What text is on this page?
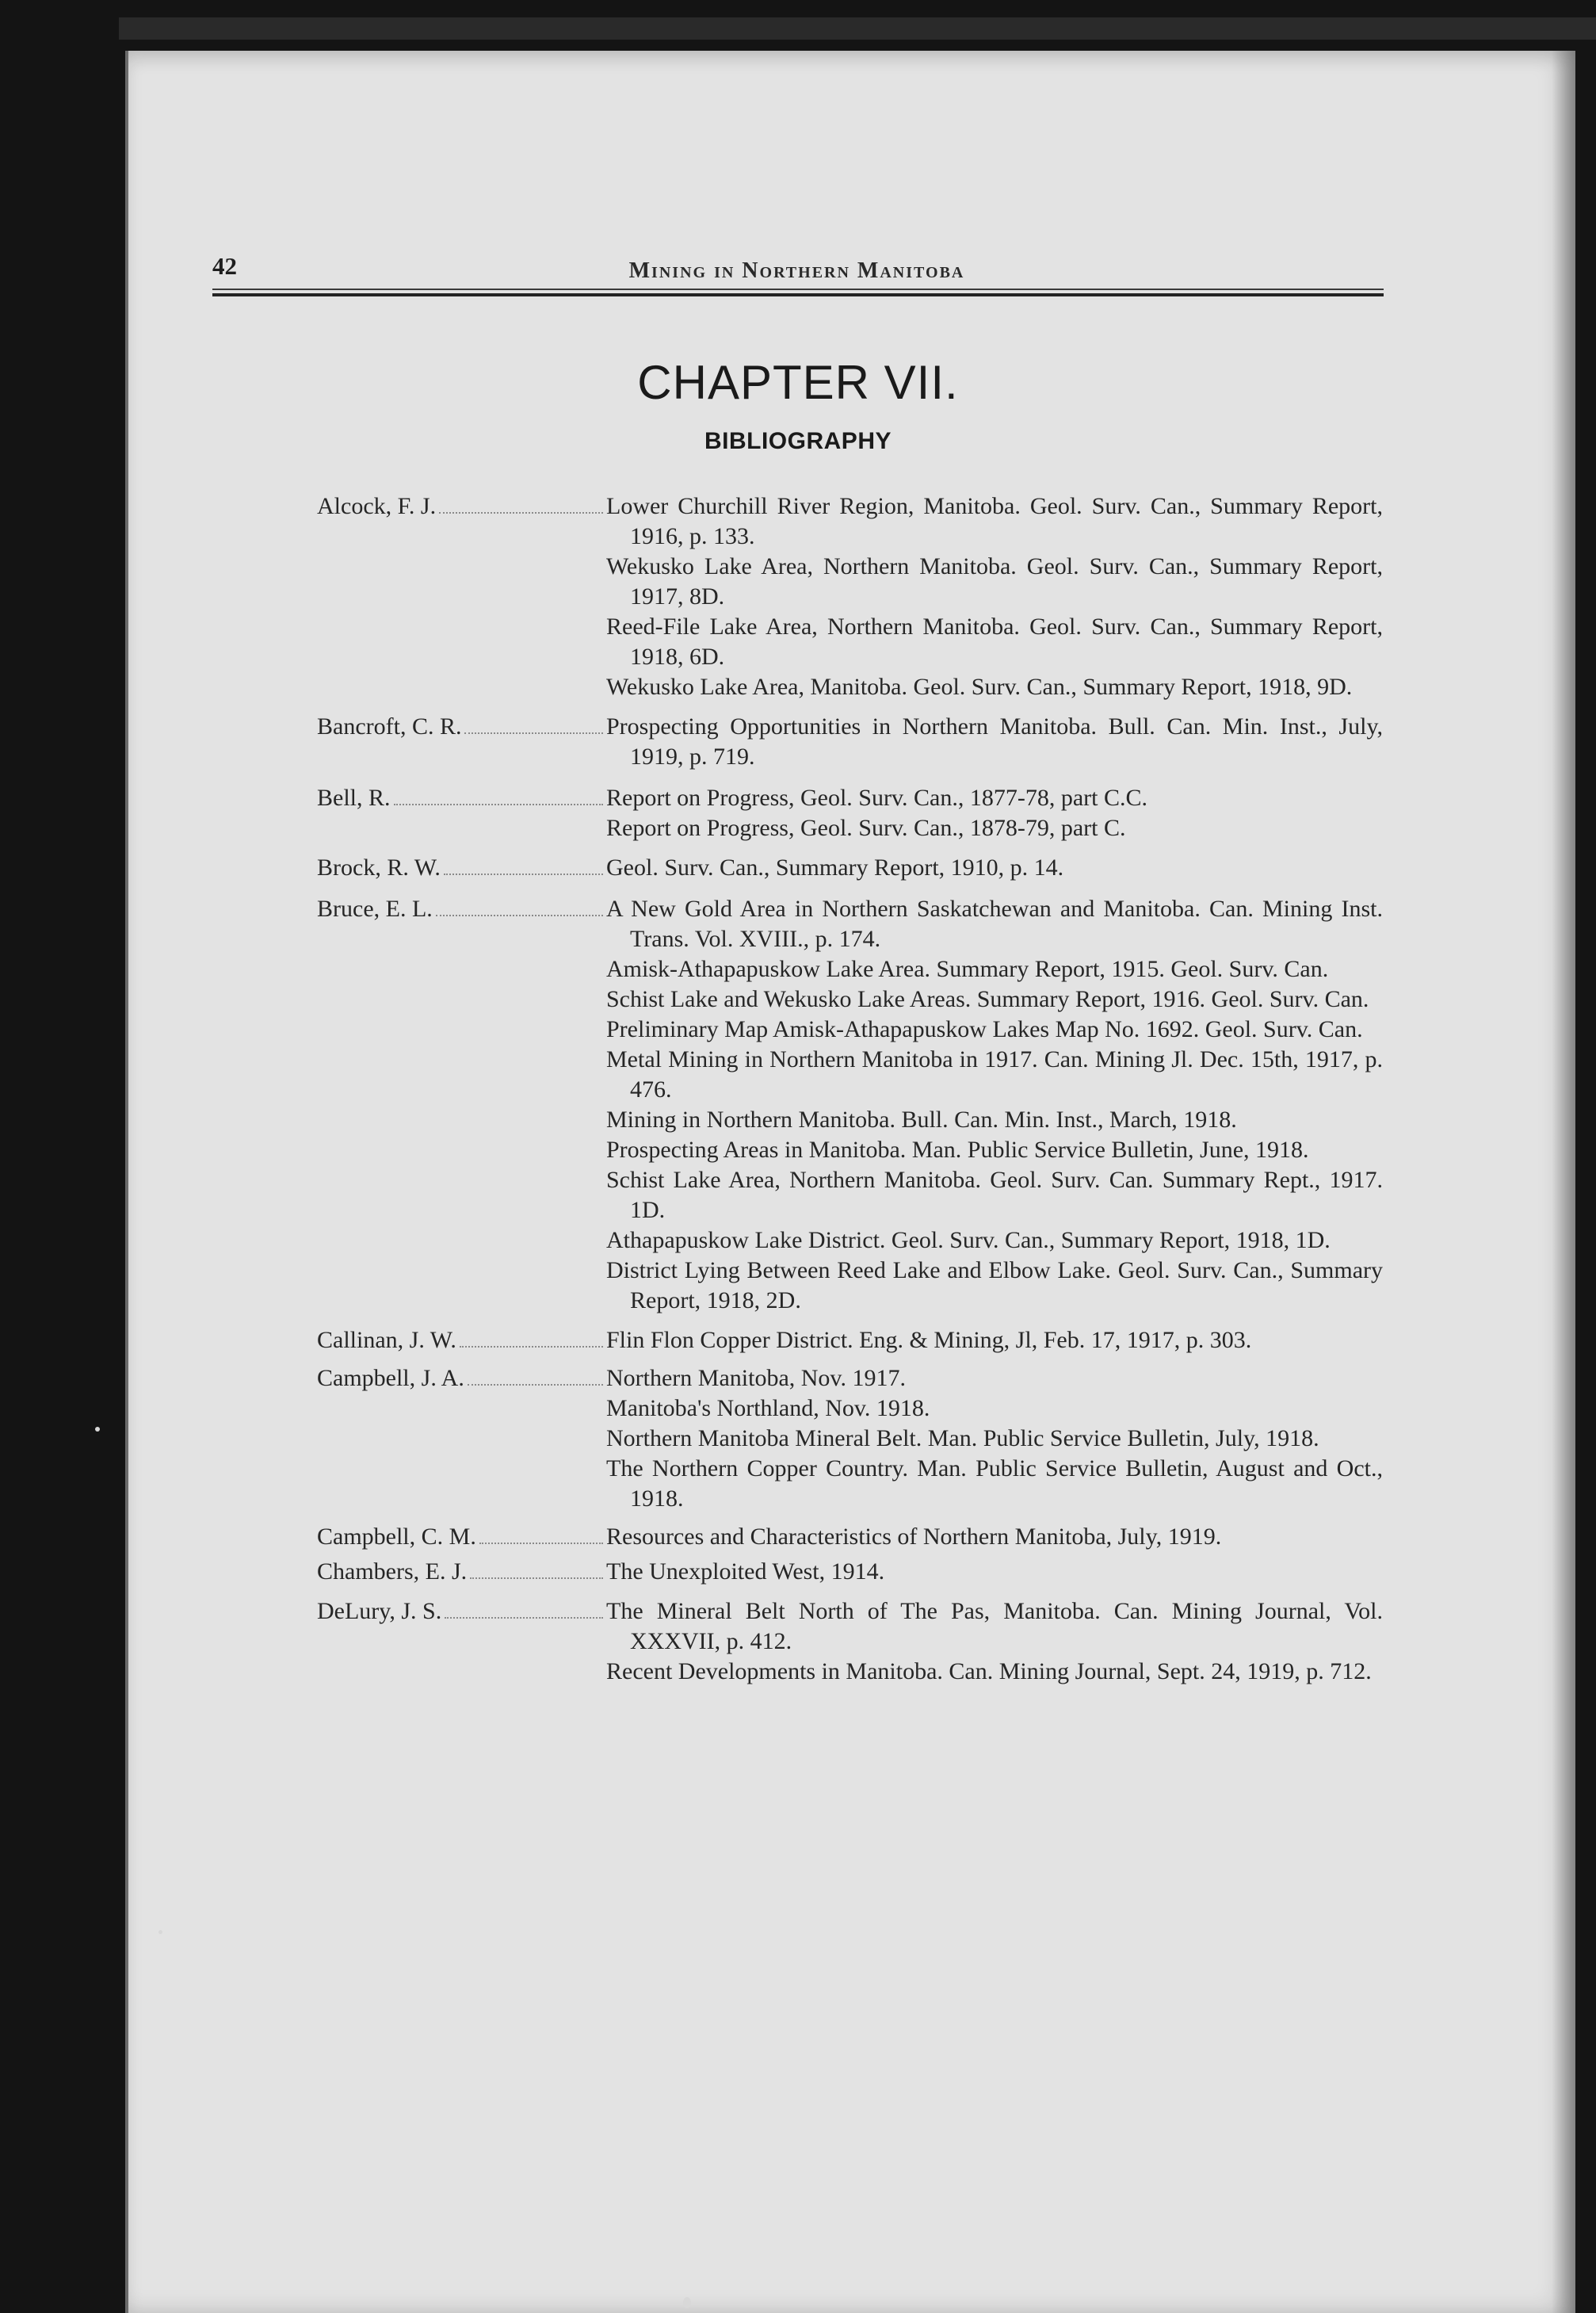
42	Mining in Northern Manitoba
CHAPTER VII.
BIBLIOGRAPHY
Alcock, F. J.	Lower Churchill River Region, Manitoba. Geol. Surv. Can., Summary Report, 1916, p. 133.
Wekusko Lake Area, Northern Manitoba. Geol. Surv. Can., Summary Report, 1917, 8D.
Reed-File Lake Area, Northern Manitoba. Geol. Surv. Can., Summary Report, 1918, 6D.
Wekusko Lake Area, Manitoba. Geol. Surv. Can., Summary Report, 1918, 9D.
Bancroft, C. R.	Prospecting Opportunities in Northern Manitoba. Bull. Can. Min. Inst., July, 1919, p. 719.
Bell, R.	Report on Progress, Geol. Surv. Can., 1877-78, part C.C.
Report on Progress, Geol. Surv. Can., 1878-79, part C.
Brock, R. W.	Geol. Surv. Can., Summary Report, 1910, p. 14.
Bruce, E. L.	A New Gold Area in Northern Saskatchewan and Manitoba. Can. Mining Inst. Trans. Vol. XVIII., p. 174.
Amisk-Athapapuskow Lake Area. Summary Report, 1915. Geol. Surv. Can.
Schist Lake and Wekusko Lake Areas. Summary Report, 1916. Geol. Surv. Can.
Preliminary Map Amisk-Athapapuskow Lakes Map No. 1692. Geol. Surv. Can.
Metal Mining in Northern Manitoba in 1917. Can. Mining Jl. Dec. 15th, 1917, p. 476.
Mining in Northern Manitoba. Bull. Can. Min. Inst., March, 1918.
Prospecting Areas in Manitoba. Man. Public Service Bulletin, June, 1918.
Schist Lake Area, Northern Manitoba. Geol. Surv. Can. Summary Rept., 1917. 1D.
Athapapuskow Lake District. Geol. Surv. Can., Summary Report, 1918, 1D.
District Lying Between Reed Lake and Elbow Lake. Geol. Surv. Can., Summary Report, 1918, 2D.
Callinan, J. W.	Flin Flon Copper District. Eng. & Mining, Jl, Feb. 17, 1917, p. 303.
Campbell, J. A.	Northern Manitoba, Nov. 1917.
Manitoba's Northland, Nov. 1918.
Northern Manitoba Mineral Belt. Man. Public Service Bulletin, July, 1918.
The Northern Copper Country. Man. Public Service Bulletin, August and Oct., 1918.
Campbell, C. M.	Resources and Characteristics of Northern Manitoba, July, 1919.
Chambers, E. J.	The Unexploited West, 1914.
DeLury, J. S.	The Mineral Belt North of The Pas, Manitoba. Can. Mining Journal, Vol. XXXVII, p. 412.
Recent Developments in Manitoba. Can. Mining Journal, Sept. 24, 1919, p. 712.
